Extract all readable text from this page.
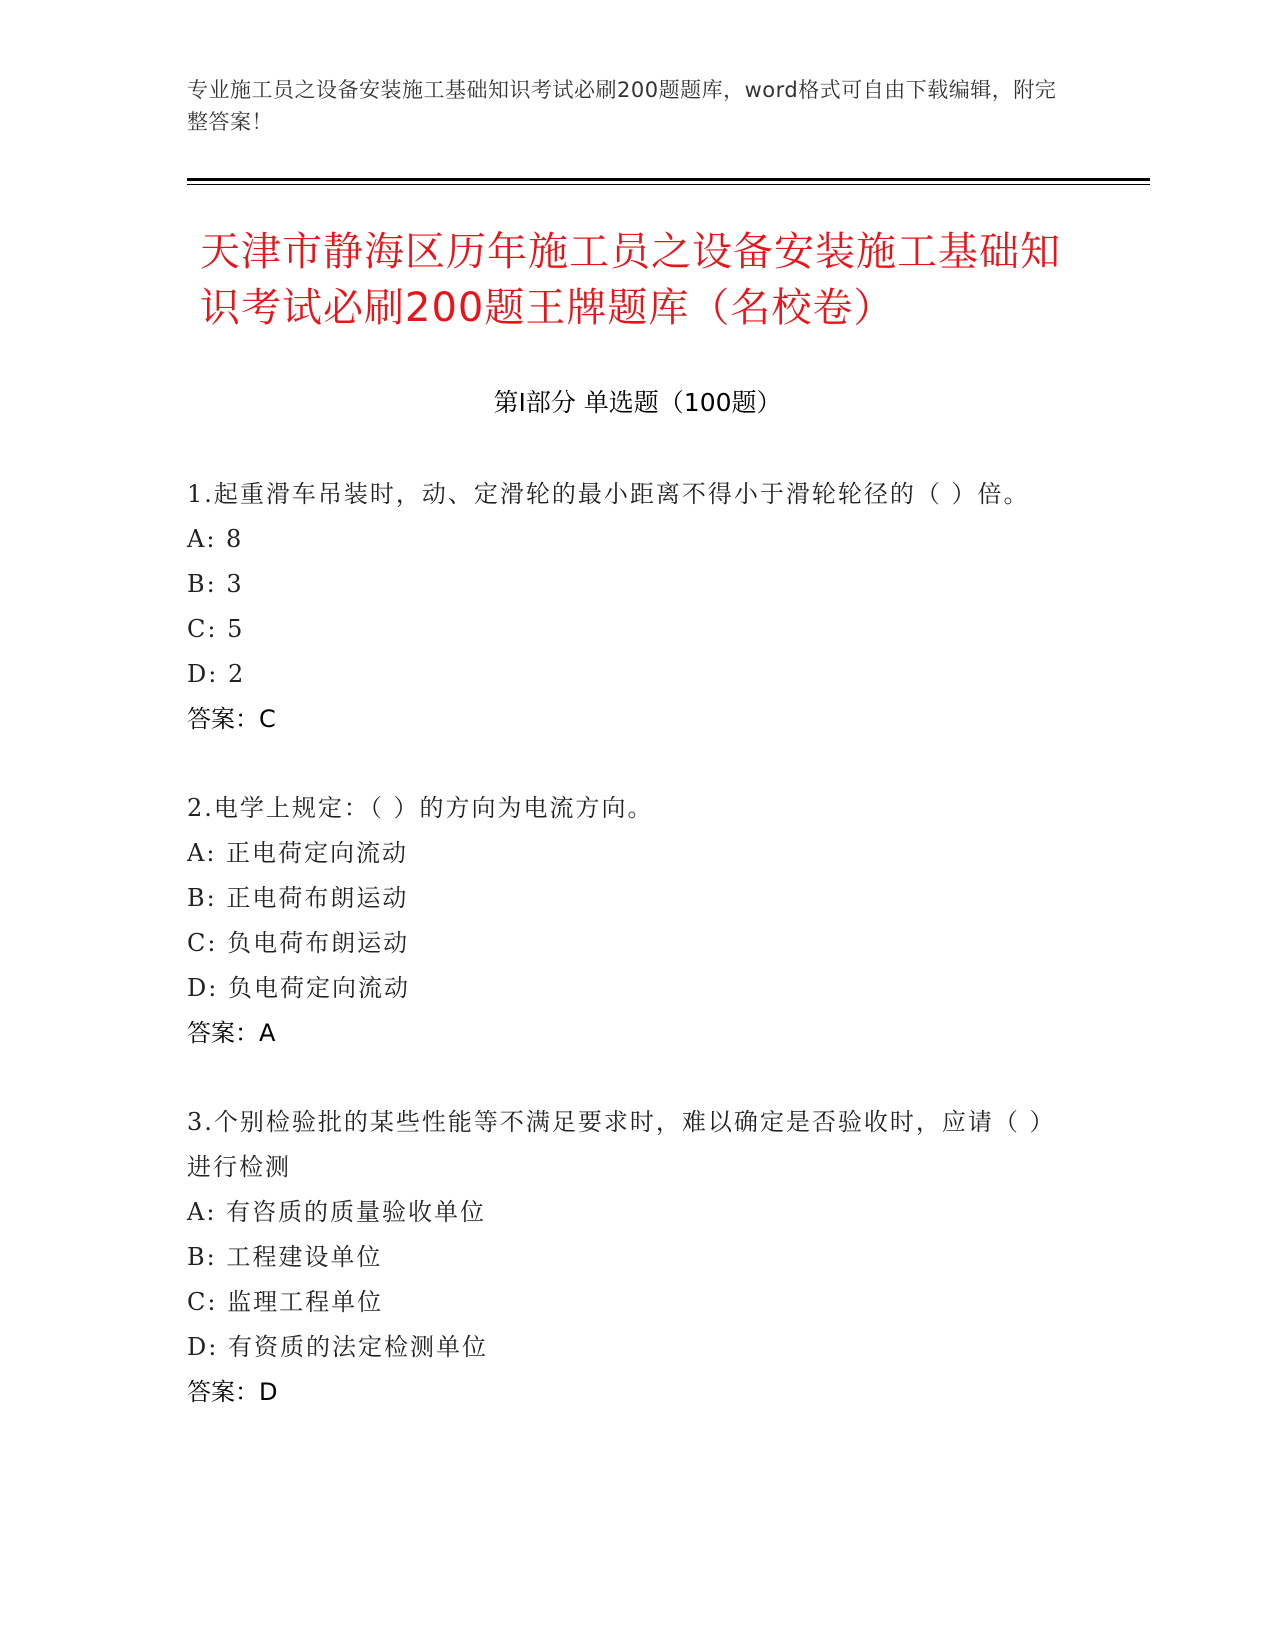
专业施工员之设备安装施工基础知识考试必刷200题题库，word格式可自由下载编辑，附完整答案！
天津市静海区历年施工员之设备安装施工基础知识考试必刷200题王牌题库（名校卷）
第I部分 单选题（100题）
1.起重滑车吊装时，动、定滑轮的最小距离不得小于滑轮轮径的（ ）倍。
A: 8
B: 3
C: 5
D: 2
答案：C
2.电学上规定：（ ）的方向为电流方向。
A: 正电荷定向流动
B: 正电荷布朗运动
C: 负电荷布朗运动
D: 负电荷定向流动
答案：A
3.个别检验批的某些性能等不满足要求时，难以确定是否验收时，应请（ ）进行检测
A: 有咨质的质量验收单位
B: 工程建设单位
C: 监理工程单位
D: 有资质的法定检测单位
答案：D
